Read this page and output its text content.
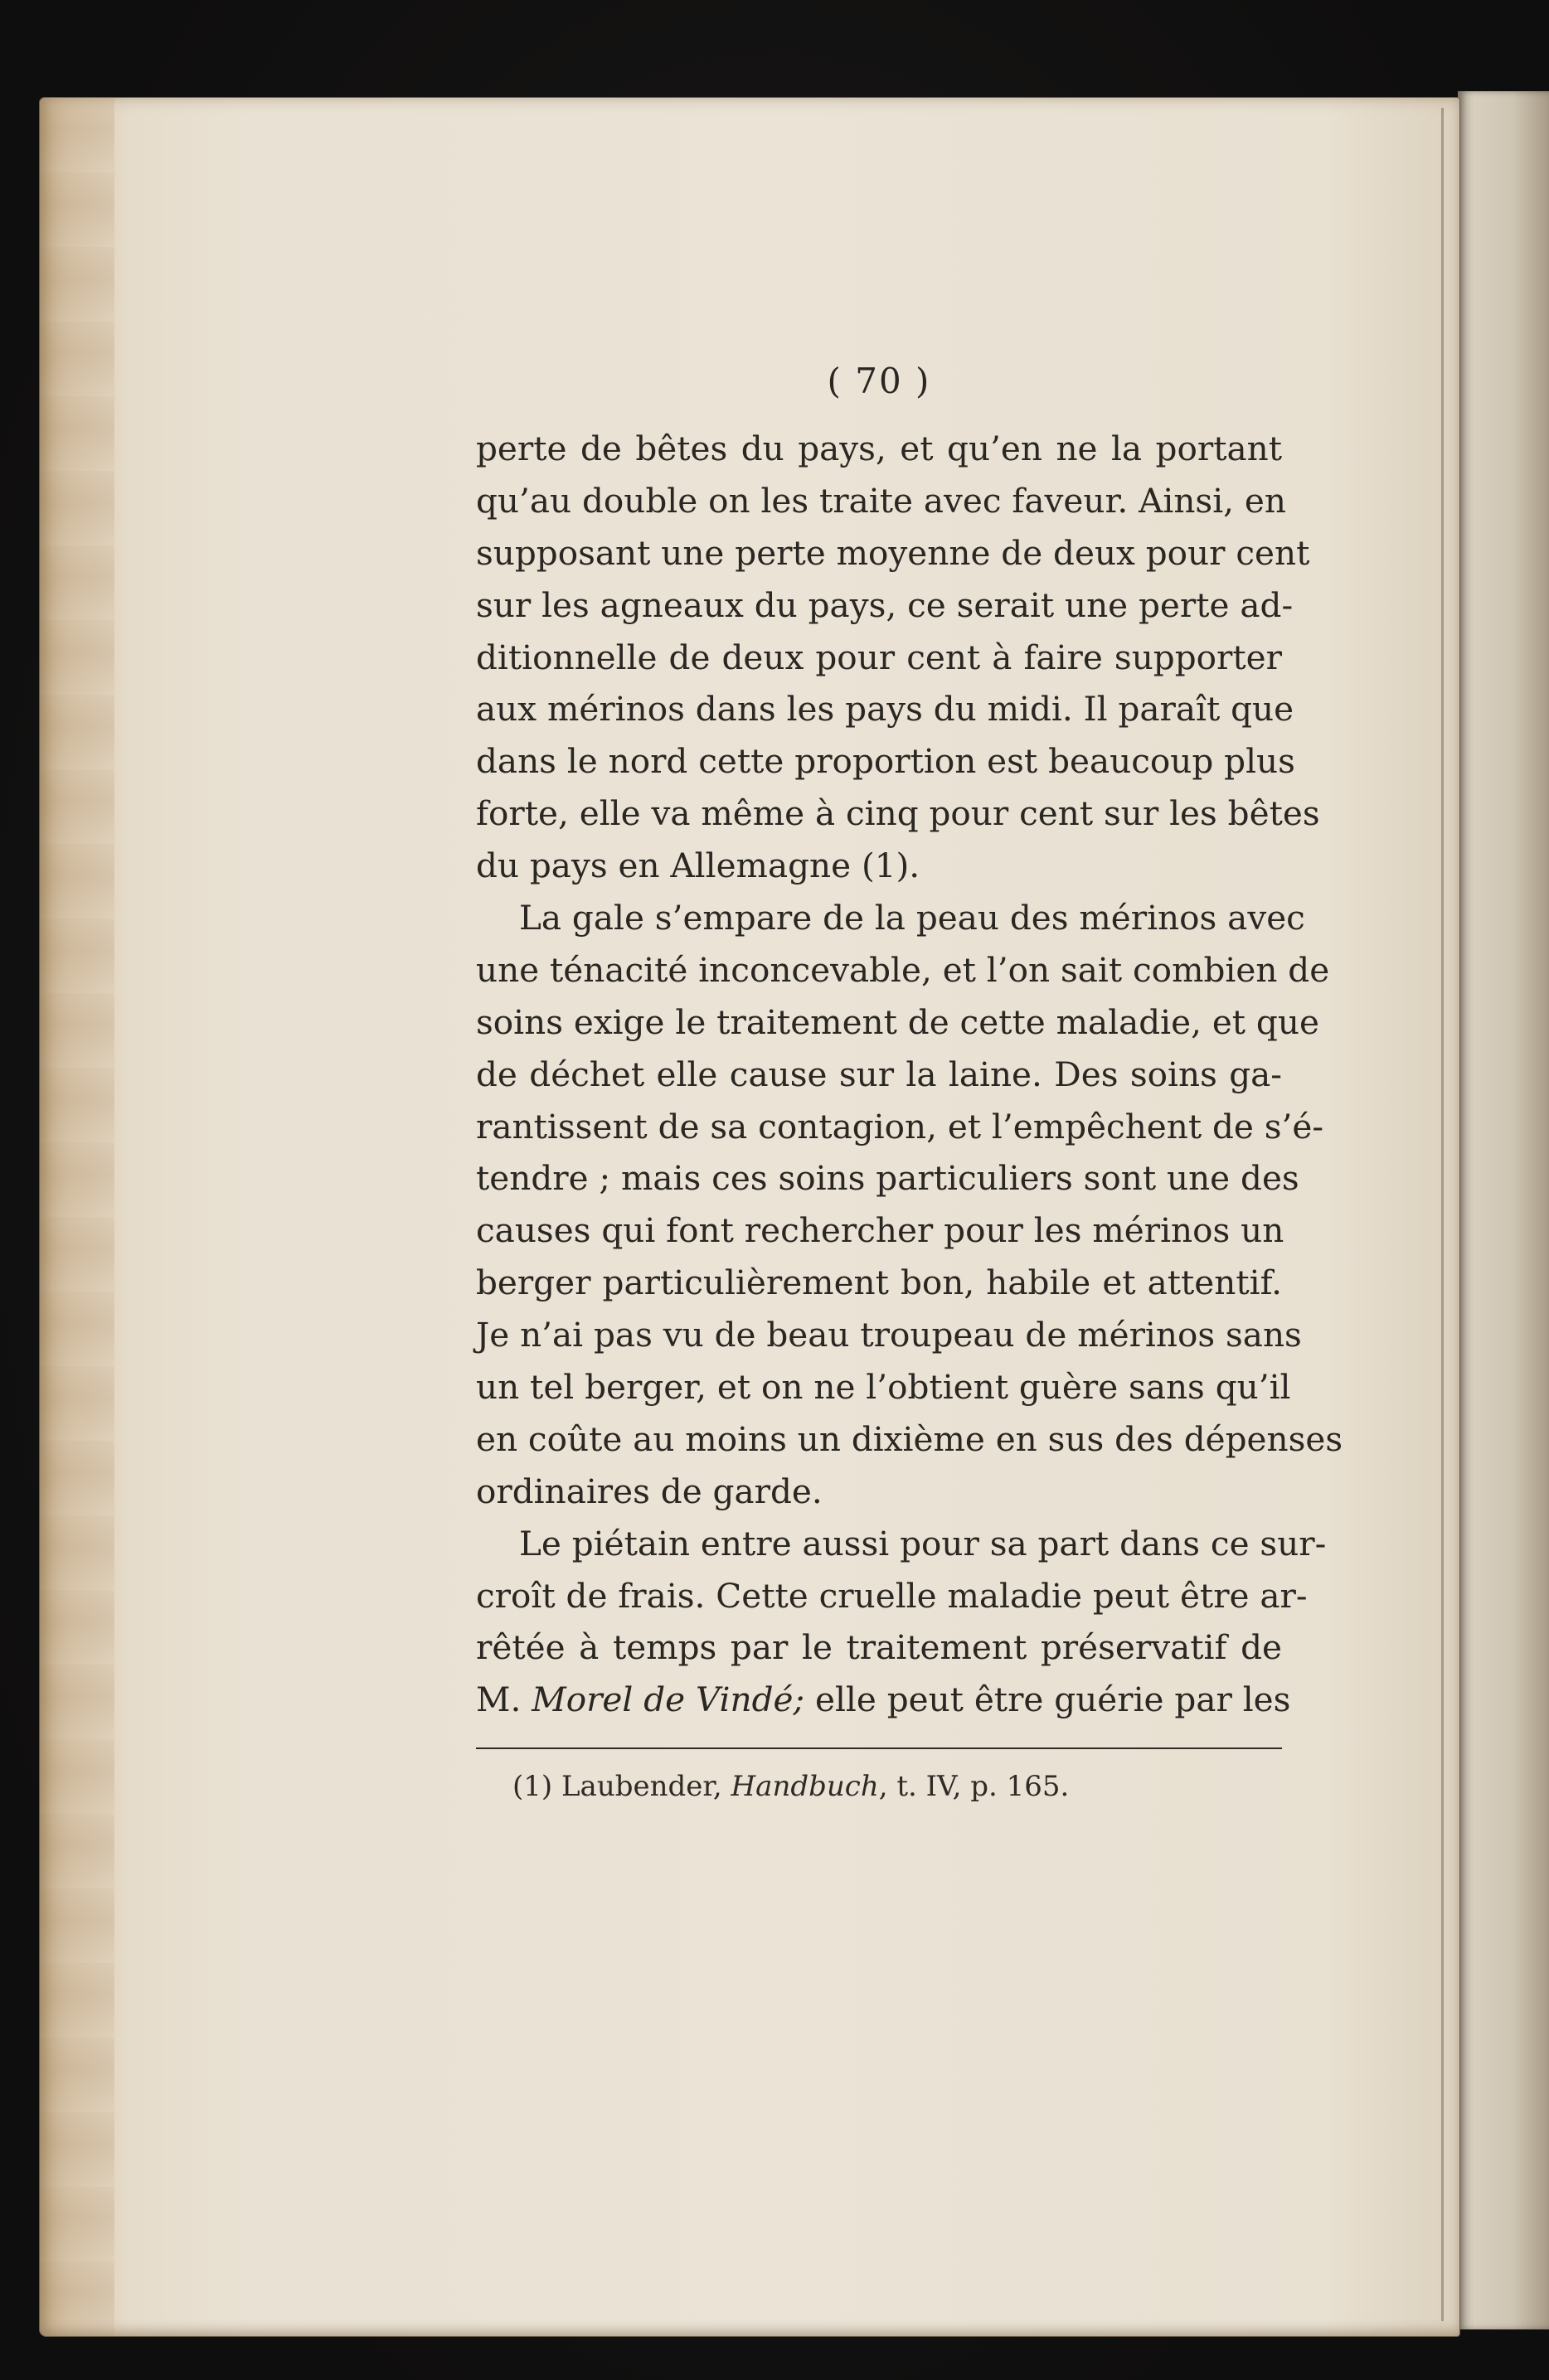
( 70 )
perte de bêtes du pays, et qu’en ne la portant
qu’au double on les traite avec faveur. Ainsi, en
supposant une perte moyenne de deux pour cent
sur les agneaux du pays, ce serait une perte ad-
ditionnelle de deux pour cent à faire supporter
aux mérinos dans les pays du midi. Il paraît que
dans le nord cette proportion est beaucoup plus
forte, elle va même à cinq pour cent sur les bêtes
du pays en Allemagne (1).
La gale s’empare de la peau des mérinos avec
une ténacité inconcevable, et l’on sait combien de
soins exige le traitement de cette maladie, et que
de déchet elle cause sur la laine. Des soins ga-
rantissent de sa contagion, et l’empêchent de s’é-
tendre ; mais ces soins particuliers sont une des
causes qui font rechercher pour les mérinos un
berger particulièrement bon, habile et attentif.
Je n’ai pas vu de beau troupeau de mérinos sans
un tel berger, et on ne l’obtient guère sans qu’il
en coûte au moins un dixième en sus des dépenses
ordinaires de garde.
Le piétain entre aussi pour sa part dans ce sur-
croît de frais. Cette cruelle maladie peut être ar-
rêtée à temps par le traitement préservatif de
M. Morel de Vindé; elle peut être guérie par les
(1) Laubender, Handbuch, t. IV, p. 165.
